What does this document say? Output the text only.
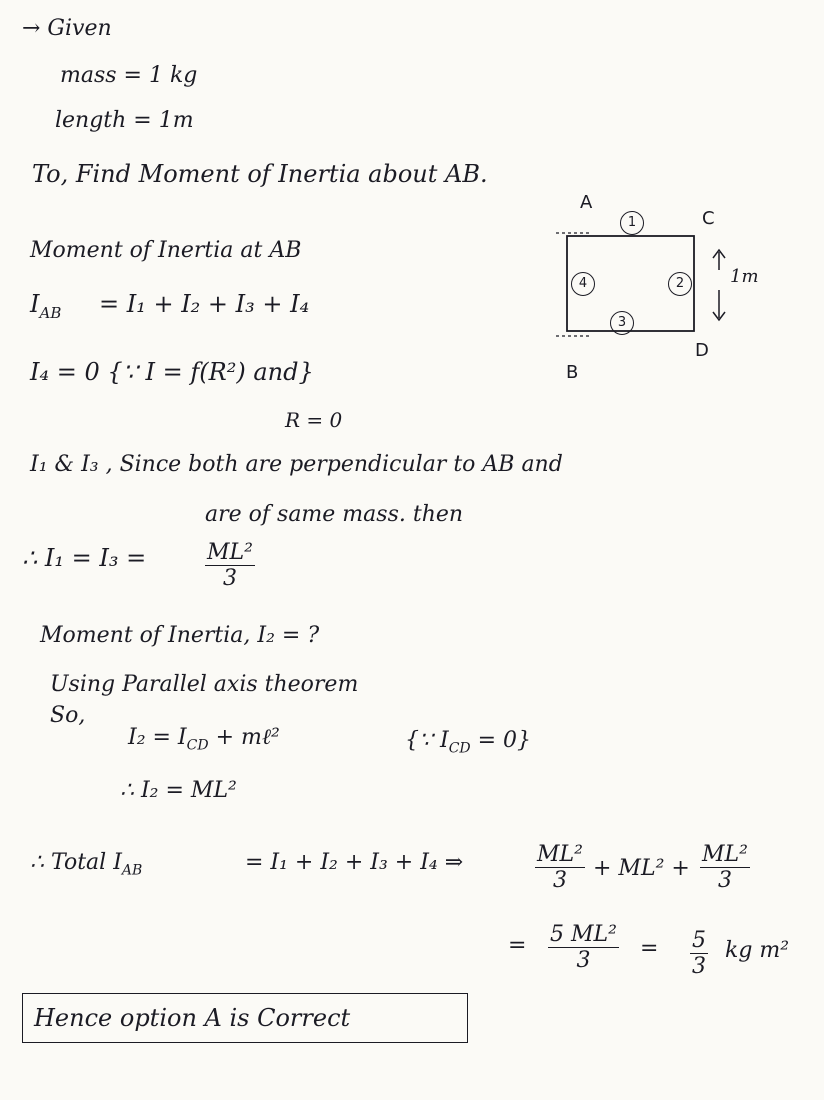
→ Given
mass = 1 kg
length = 1m
To, Find Moment of Inertia about AB.
A
B
C
D
1m
1
2
3
4
Moment of Inertia at AB
$I_{AB} = I_1 + I_2 + I_3 + I_4$
I₄ = 0 {∵ I = f(R²) and}
R = 0
I₁ & I₃ , Since both are perpendicular to AB and
are of same mass. then
∴ I₁ = I₃ =	$\frac{\text{ML²}}{3}$
Moment of Inertia, I₂ = ?
Using Parallel axis theorem
So,
$I_2 = I_{CD}$ + mℓ²	{∵ $I_{CD} = 0$}
∴ I₂ = ML²
∴ Total $I_{AB}$	= I₁ + I₂ + I₃ + I₄ ⇒	$\frac{\text{ML²}}{3} + ML^2 + \frac{\text{ML²}}{3}$
= $\frac{\text{5 ML²}}{3} = \frac{5}{3}$ kg m²
Hence option A is Correct
